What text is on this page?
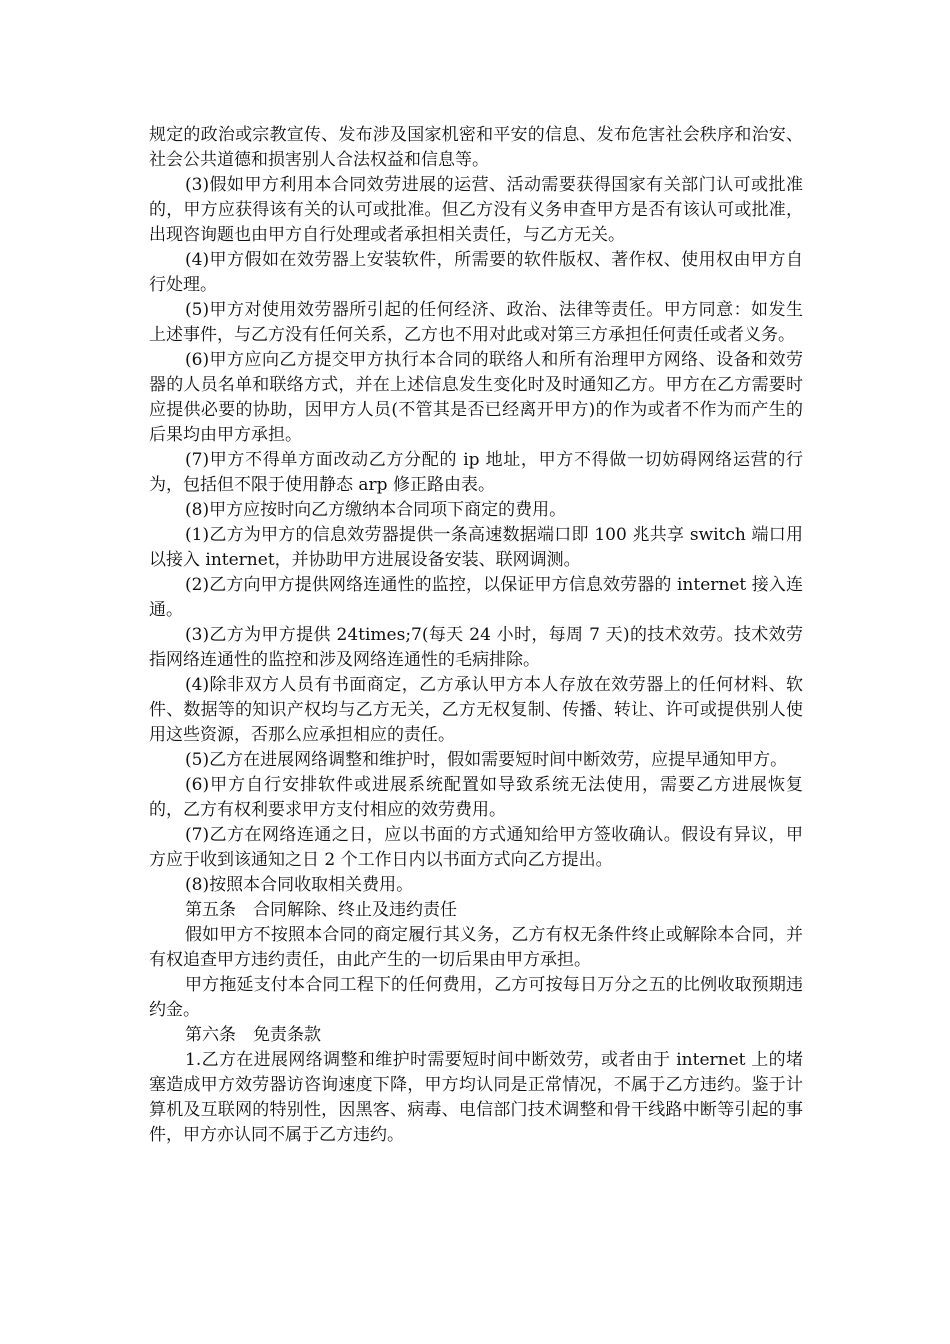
规定的政治或宗教宣传、发布涉及国家机密和平安的信息、发布危害社会秩序和治安、社会公共道德和损害别人合法权益和信息等。

(3)假如甲方利用本合同效劳进展的运营、活动需要获得国家有关部门认可或批准的，甲方应获得该有关的认可或批准。但乙方没有义务申查甲方是否有该认可或批准，出现咨询题也由甲方自行处理或者承担相关责任，与乙方无关。

(4)甲方假如在效劳器上安装软件，所需要的软件版权、著作权、使用权由甲方自行处理。

(5)甲方对使用效劳器所引起的任何经济、政治、法律等责任。甲方同意：如发生上述事件，与乙方没有任何关系，乙方也不用对此或对第三方承担任何责任或者义务。

(6)甲方应向乙方提交甲方执行本合同的联络人和所有治理甲方网络、设备和效劳器的人员名单和联络方式，并在上述信息发生变化时及时通知乙方。甲方在乙方需要时应提供必要的协助，因甲方人员(不管其是否已经离开甲方)的作为或者不作为而产生的后果均由甲方承担。

(7)甲方不得单方面改动乙方分配的 ip 地址，甲方不得做一切妨碍网络运营的行为，包括但不限于使用静态 arp 修正路由表。

(8)甲方应按时向乙方缴纳本合同项下商定的费用。

(1)乙方为甲方的信息效劳器提供一条高速数据端口即 100 兆共享 switch 端口用以接入 internet，并协助甲方进展设备安装、联网调测。

(2)乙方向甲方提供网络连通性的监控，以保证甲方信息效劳器的 internet 接入连通。

(3)乙方为甲方提供 24times;7(每天 24 小时，每周 7 天)的技术效劳。技术效劳指网络连通性的监控和涉及网络连通性的毛病排除。

(4)除非双方人员有书面商定，乙方承认甲方本人存放在效劳器上的任何材料、软件、数据等的知识产权均与乙方无关，乙方无权复制、传播、转让、许可或提供别人使用这些资源，否那么应承担相应的责任。

(5)乙方在进展网络调整和维护时，假如需要短时间中断效劳，应提早通知甲方。

(6)甲方自行安排软件或进展系统配置如导致系统无法使用，需要乙方进展恢复的，乙方有权利要求甲方支付相应的效劳费用。

(7)乙方在网络连通之日，应以书面的方式通知给甲方签收确认。假设有异议，甲方应于收到该通知之日 2 个工作日内以书面方式向乙方提出。

(8)按照本合同收取相关费用。

第五条　合同解除、终止及违约责任

假如甲方不按照本合同的商定履行其义务，乙方有权无条件终止或解除本合同，并有权追查甲方违约责任，由此产生的一切后果由甲方承担。

甲方拖延支付本合同工程下的任何费用，乙方可按每日万分之五的比例收取预期违约金。

第六条　免责条款

1.乙方在进展网络调整和维护时需要短时间中断效劳，或者由于 internet 上的堵塞造成甲方效劳器访咨询速度下降，甲方均认同是正常情况，不属于乙方违约。鉴于计算机及互联网的特别性，因黑客、病毒、电信部门技术调整和骨干线路中断等引起的事件，甲方亦认同不属于乙方违约。
